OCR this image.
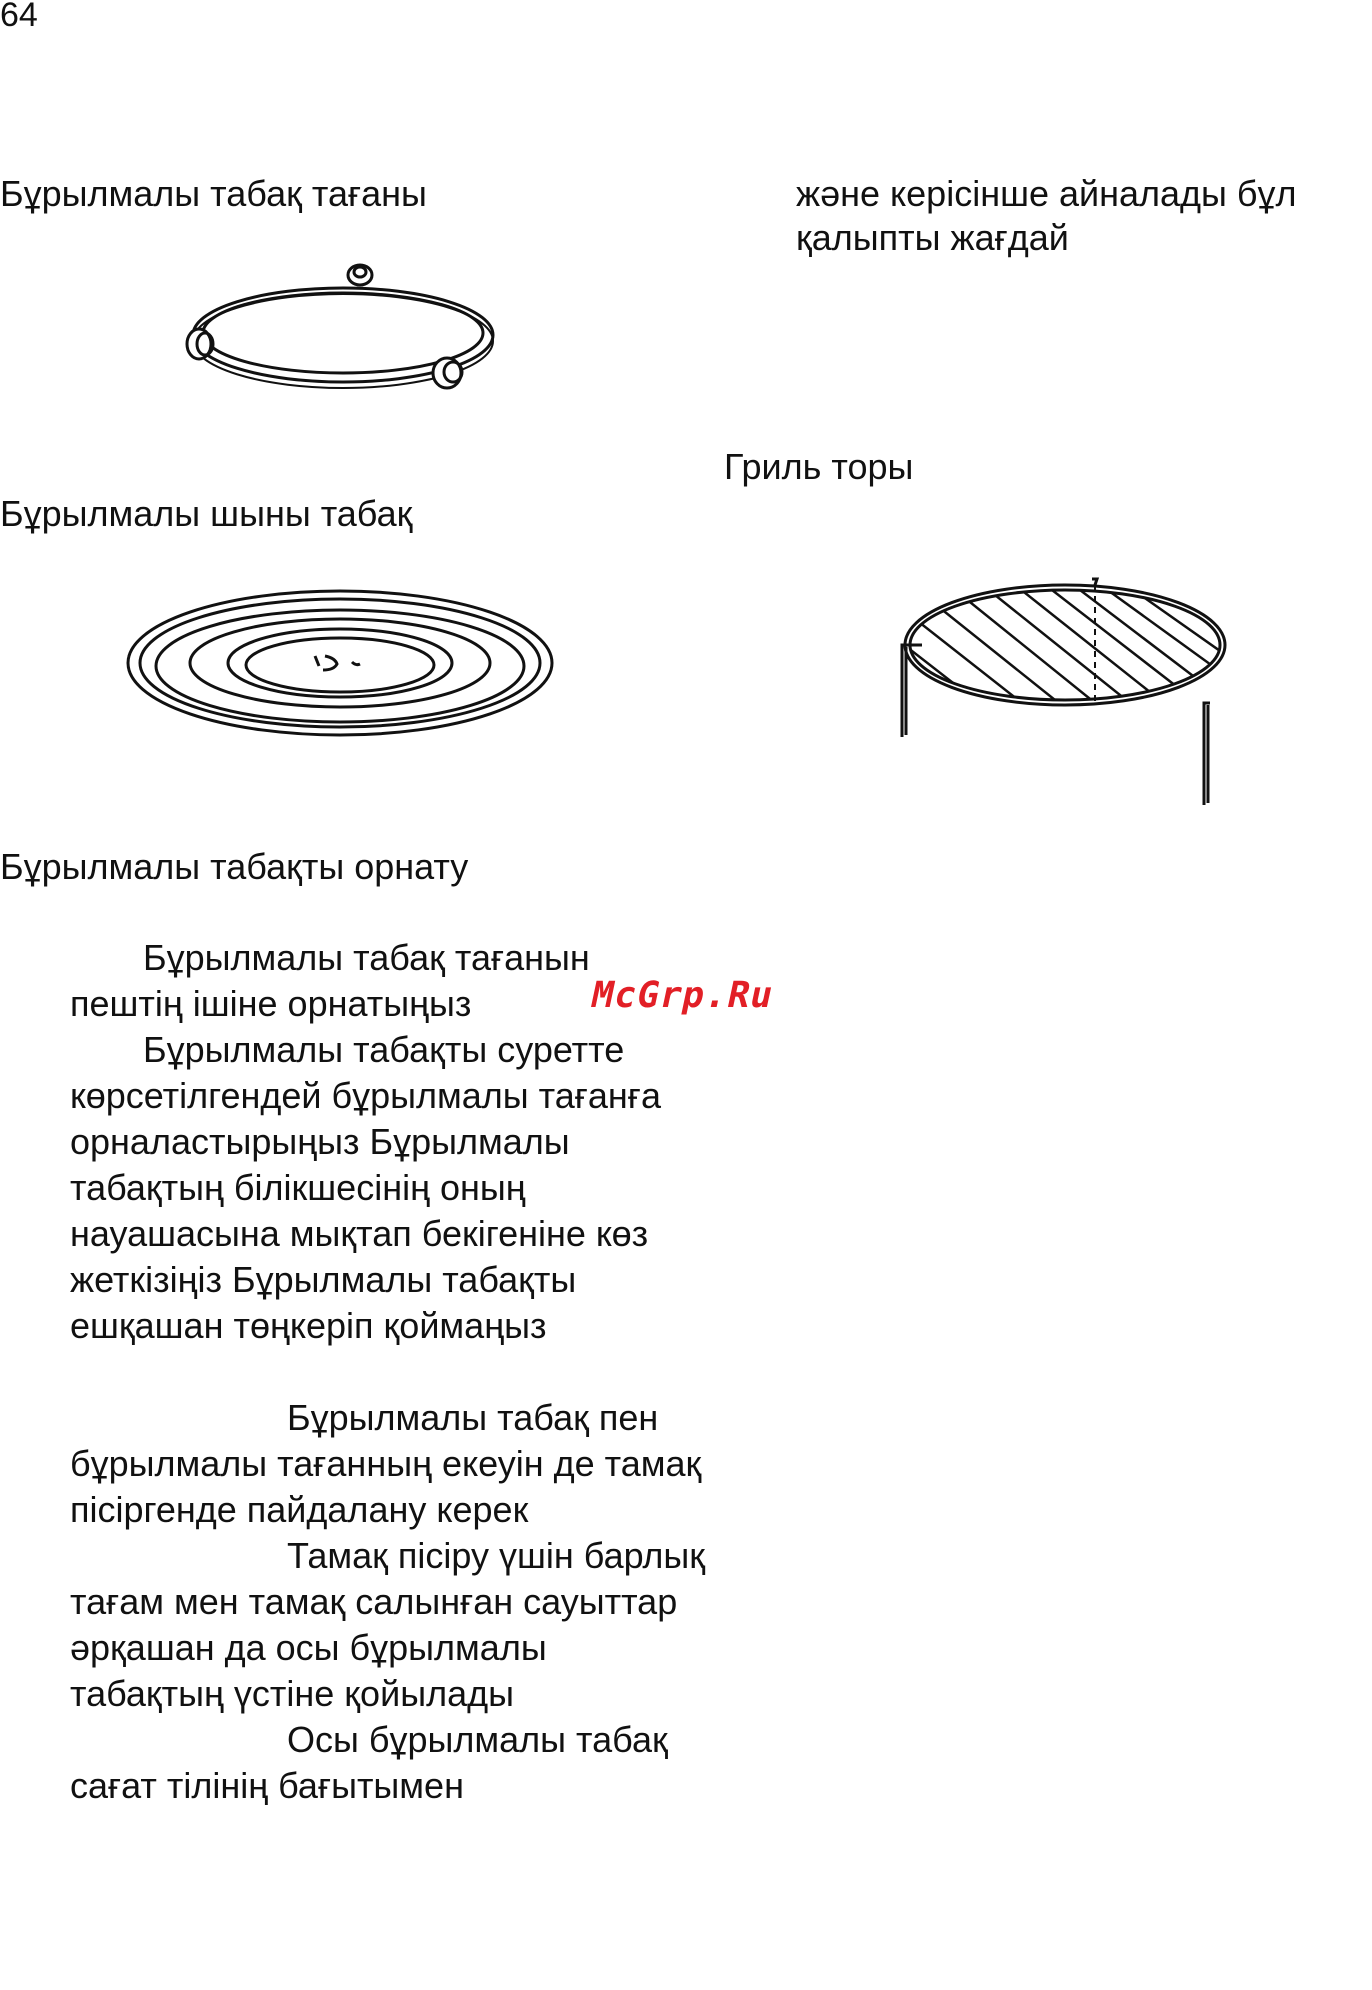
64
Бұрылмалы табақ тағаны	және керісінше айналады бұл
қалыпты жағдай
Гриль торы
Бұрылмалы шыны табақ
Бұрылмалы табақты орнату

Бұрылмалы табақ тағанын пештің ішіне орнатыңыз

Бұрылмалы табақты суретте көрсетілгендей бұрылмалы тағанға орналастырыңыз Бұрылмалы табақтың білікшесінің оның науашасына мықтап бекігеніне көз жеткізіңіз Бұрылмалы табақты ешқашан төңкеріп қоймаңыз

Бұрылмалы табақ пен бұрылмалы тағанның екеуін де тамақ пісіргенде пайдалану керек

Тамақ пісіру үшін барлық тағам мен тамақ салынған сауыттар әрқашан да осы бұрылмалы табақтың үстіне қойылады

Осы бұрылмалы табақ сағат тілінің бағытымен

McGrp.Ru
